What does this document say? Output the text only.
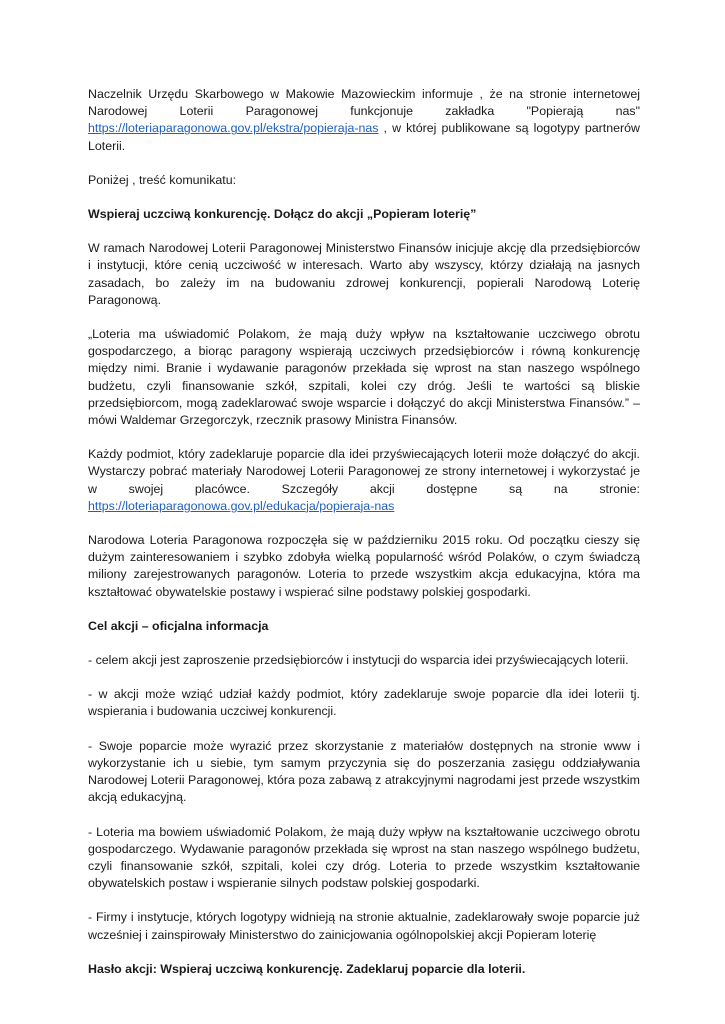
Naczelnik Urzędu Skarbowego w Makowie Mazowieckim informuje , że na stronie internetowej Narodowej Loterii Paragonowej funkcjonuje zakładka "Popierają nas" https://loteriaparagonowa.gov.pl/ekstra/popieraja-nas , w której publikowane są logotypy partnerów Loterii.

Poniżej , treść komunikatu:

Wspieraj uczciwą konkurencję. Dołącz do akcji „Popieram loterię”

W ramach Narodowej Loterii Paragonowej Ministerstwo Finansów inicjuje akcję dla przedsiębiorców i instytucji, które cenią uczciwość w interesach. Warto aby wszyscy, którzy działają na jasnych zasadach, bo zależy im na budowaniu zdrowej konkurencji, popierali Narodową Loterię Paragonową.

„Loteria ma uświadomić Polakom, że mają duży wpływ na kształtowanie uczciwego obrotu gospodarczego, a biorąc paragony wspierają uczciwych przedsiębiorców i równą konkurencję między nimi. Branie i wydawanie paragonów przekłada się wprost na stan naszego wspólnego budżetu, czyli finansowanie szkół, szpitali, kolei czy dróg. Jeśli te wartości są bliskie przedsiębiorcom, mogą zadeklarować swoje wsparcie i dołączyć do akcji Ministerstwa Finansów.” – mówi Waldemar Grzegorczyk, rzecznik prasowy Ministra Finansów.

Każdy podmiot, który zadeklaruje poparcie dla idei przyświecających loterii może dołączyć do akcji. Wystarczy pobrać materiały Narodowej Loterii Paragonowej ze strony internetowej i wykorzystać je w swojej placówce. Szczegóły akcji dostępne są na stronie: https://loteriaparagonowa.gov.pl/edukacja/popieraja-nas

Narodowa Loteria Paragonowa rozpoczęła się w październiku 2015 roku. Od początku cieszy się dużym zainteresowaniem i szybko zdobyła wielką popularność wśród Polaków, o czym świadczą miliony zarejestrowanych paragonów. Loteria to przede wszystkim akcja edukacyjna, która ma kształtować obywatelskie postawy i wspierać silne podstawy polskiej gospodarki.

Cel akcji – oficjalna informacja

- celem akcji jest zaproszenie przedsiębiorców i instytucji do wsparcia idei przyświecających loterii.

- w akcji może wziąć udział każdy podmiot, który zadeklaruje swoje poparcie dla idei loterii tj. wspierania i budowania uczciwej konkurencji.

- Swoje poparcie może wyrazić przez skorzystanie z materiałów dostępnych na stronie www i wykorzystanie ich u siebie, tym samym przyczynia się do poszerzania zasięgu oddziaływania Narodowej Loterii Paragonowej, która poza zabawą z atrakcyjnymi nagrodami jest przede wszystkim akcją edukacyjną.

- Loteria ma bowiem uświadomić Polakom, że mają duży wpływ na kształtowanie uczciwego obrotu gospodarczego. Wydawanie paragonów przekłada się wprost na stan naszego wspólnego budżetu, czyli finansowanie szkół, szpitali, kolei czy dróg. Loteria to przede wszystkim kształtowanie obywatelskich postaw i wspieranie silnych podstaw polskiej gospodarki.

- Firmy i instytucje, których logotypy widnieją na stronie aktualnie, zadeklarowały swoje poparcie już wcześniej i zainspirowały Ministerstwo do zainicjowania ogólnopolskiej akcji Popieram loterię

Hasło akcji: Wspieraj uczciwą konkurencję. Zadeklaruj poparcie dla loterii.
